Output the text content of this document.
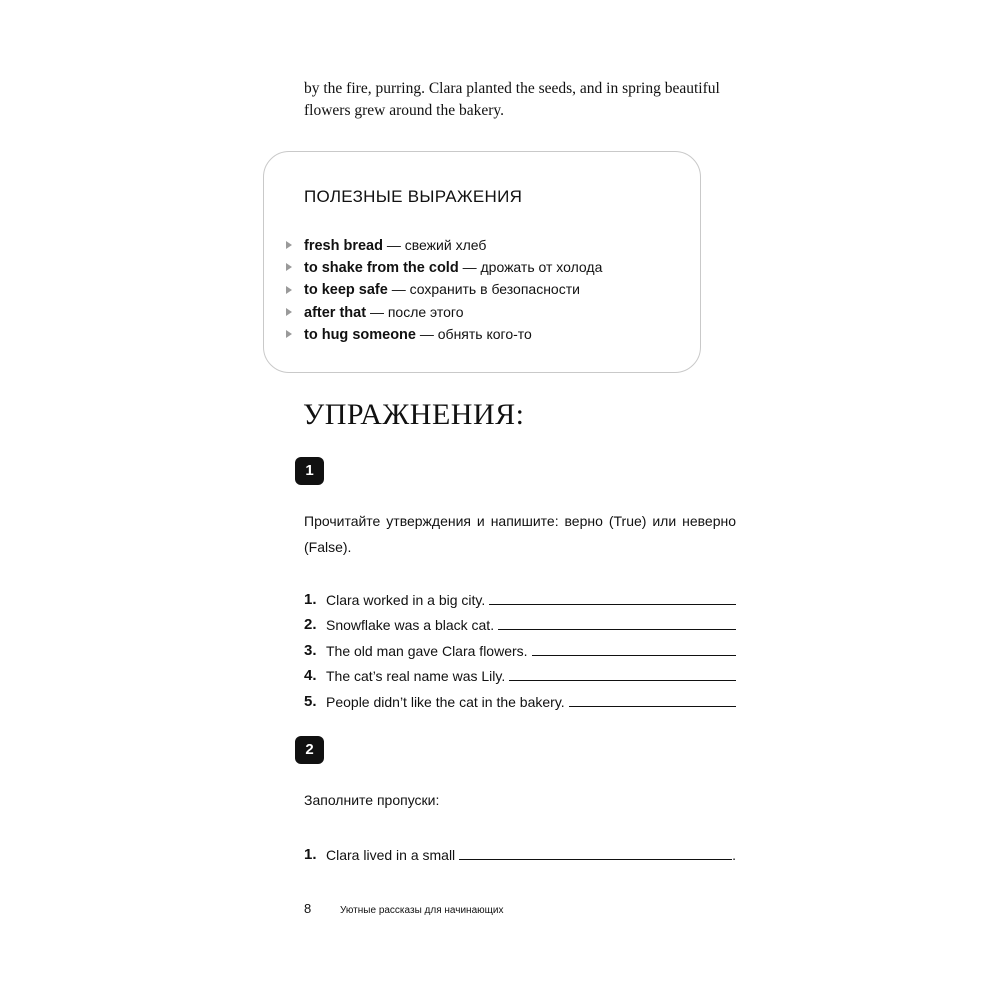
by the fire, purring. Clara planted the seeds, and in spring beautiful flowers grew around the bakery.

ПОЛЕЗНЫЕ ВЫРАЖЕНИЯ
fresh bread — свежий хлеб
to shake from the cold — дрожать от холода
to keep safe — сохранить в безопасности
after that — после этого
to hug someone — обнять кого-то
УПРАЖНЕНИЯ:
1

Прочитайте утверждения и напишите: верно (True) или неверно (False).

1. Clara worked in a big city.
2. Snowflake was a black cat.
3. The old man gave Clara flowers.
4. The cat’s real name was Lily.
5. People didn’t like the cat in the bakery.
2

Заполните пропуски:

1. Clara lived in a small	.
8	Уютные рассказы для начинающих
